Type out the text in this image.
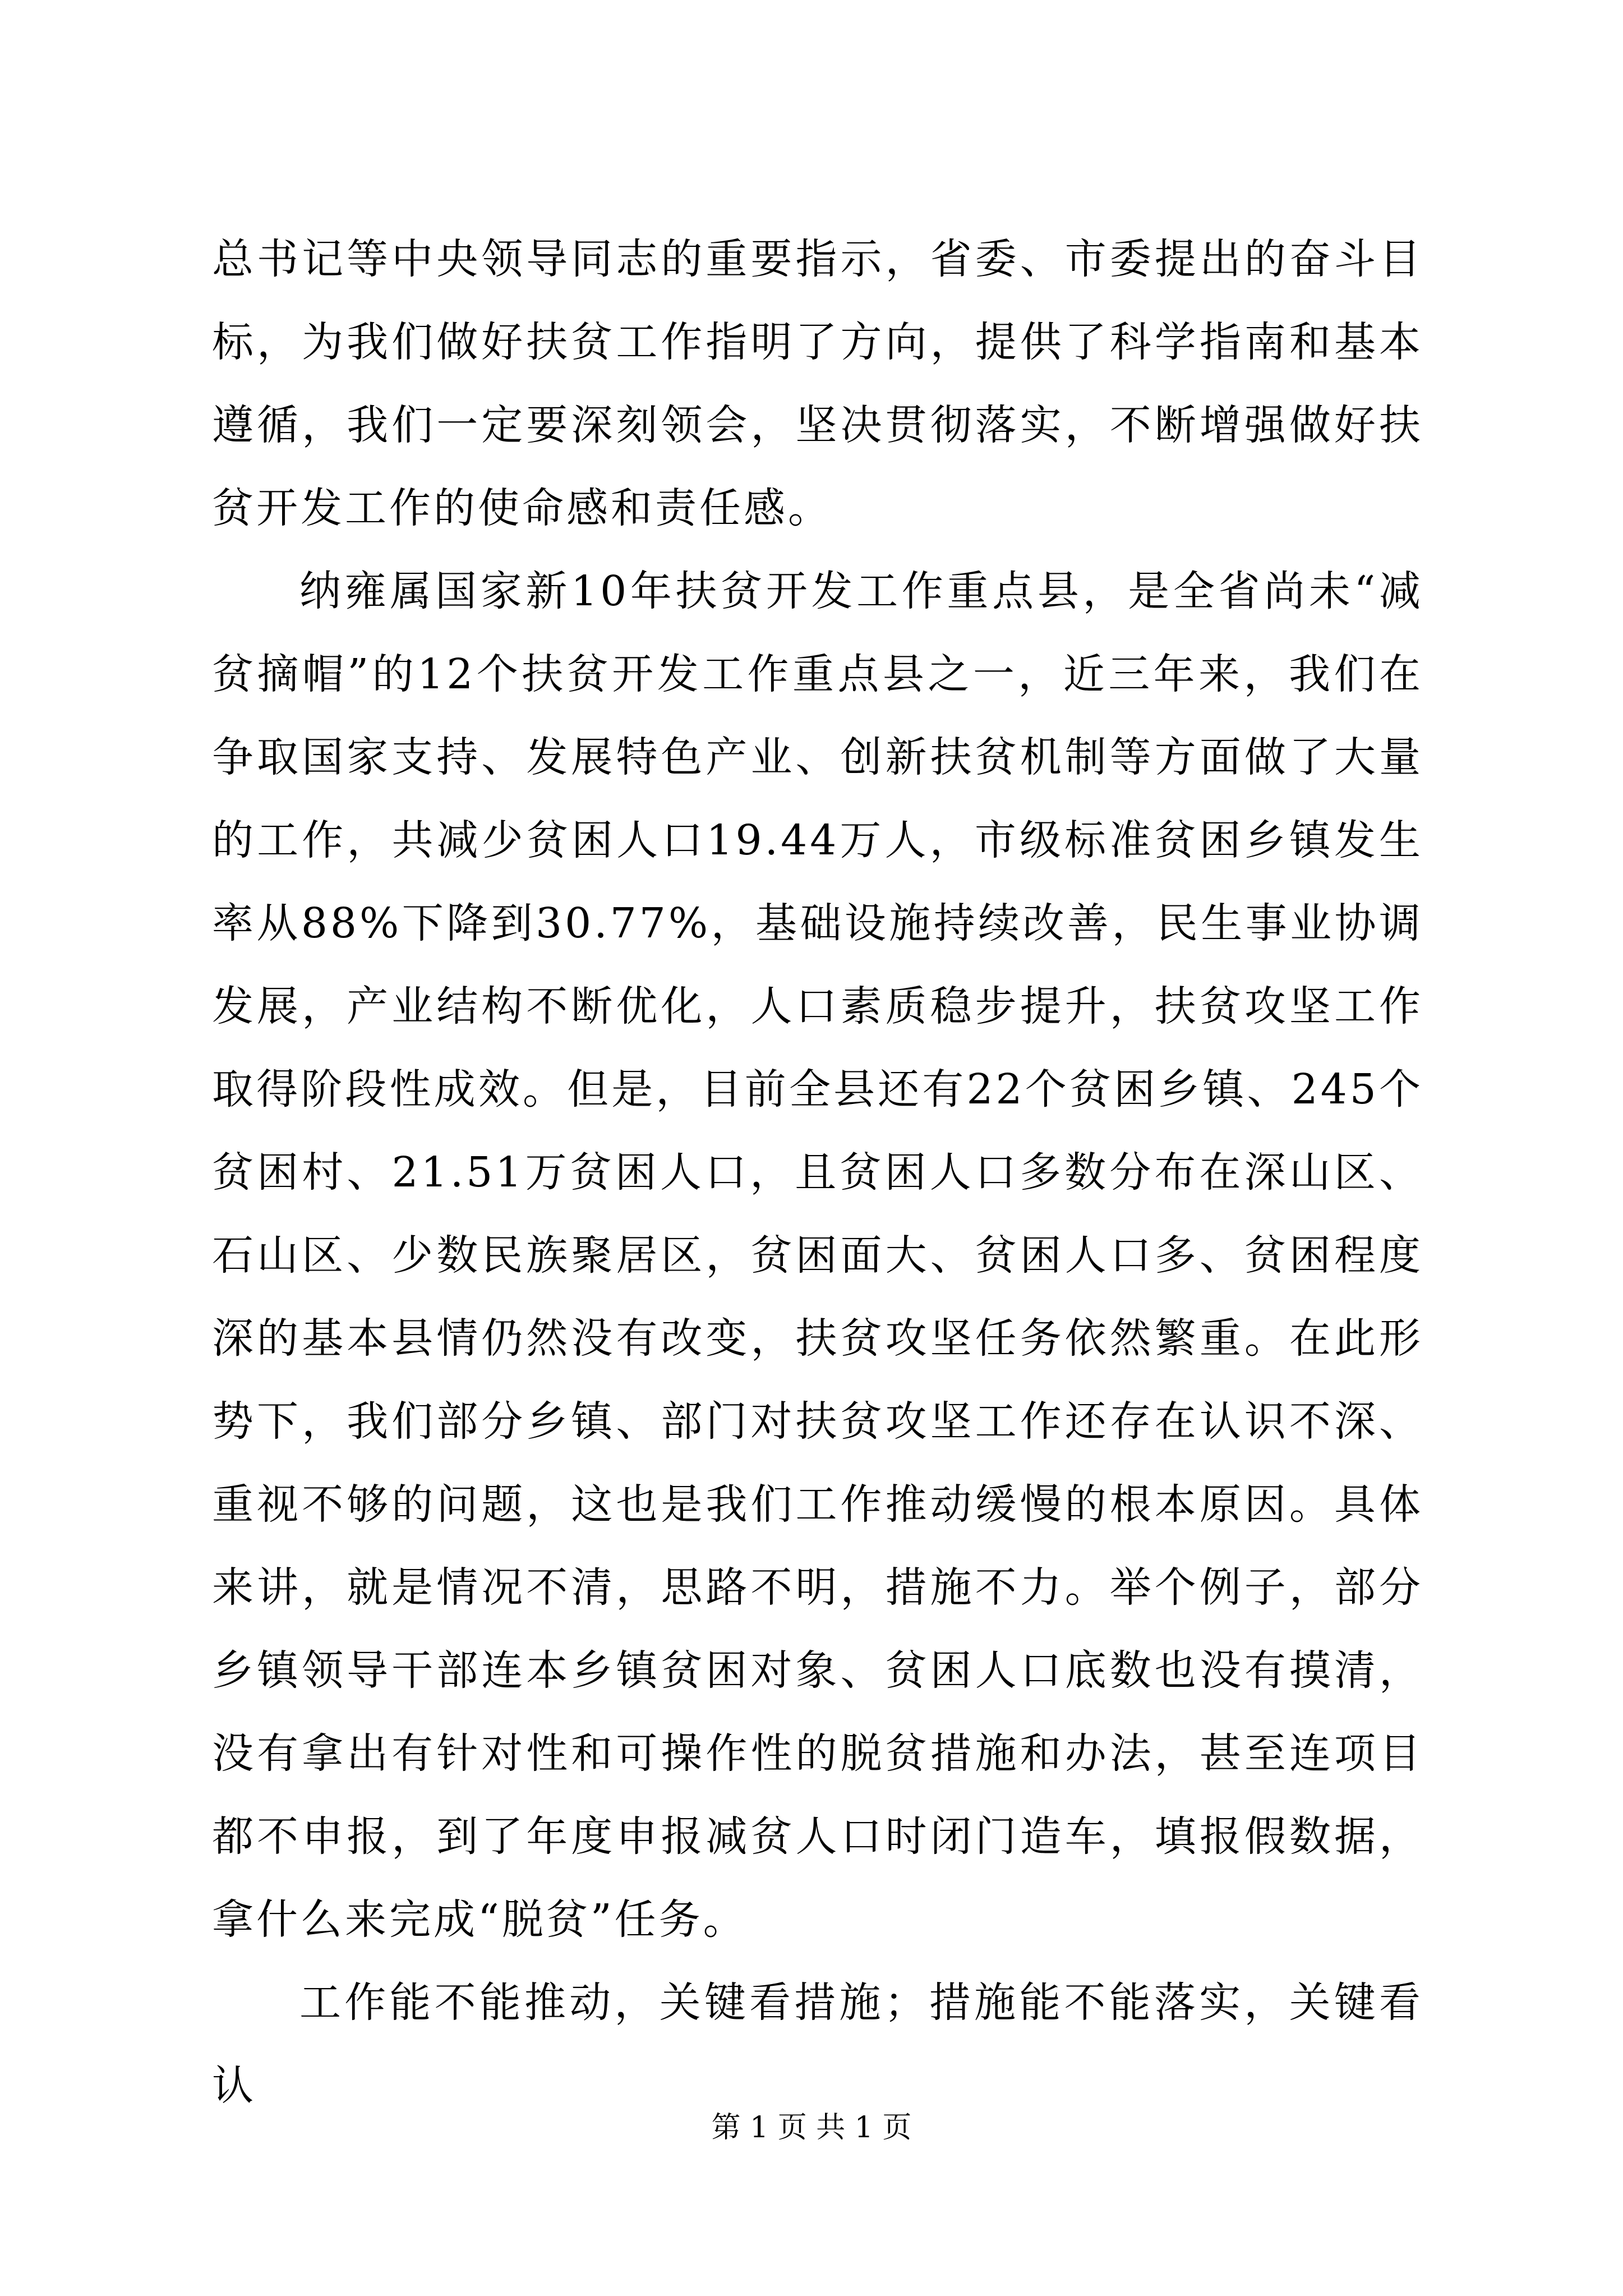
总书记等中央领导同志的重要指示，省委、市委提出的奋斗目标，为我们做好扶贫工作指明了方向，提供了科学指南和基本遵循，我们一定要深刻领会，坚决贯彻落实，不断增强做好扶贫开发工作的使命感和责任感。

纳雍属国家新10年扶贫开发工作重点县，是全省尚未“减贫摘帽”的12个扶贫开发工作重点县之一，近三年来，我们在争取国家支持、发展特色产业、创新扶贫机制等方面做了大量的工作，共减少贫困人口19.44万人，市级标准贫困乡镇发生率从88%下降到30.77%，基础设施持续改善，民生事业协调发展，产业结构不断优化，人口素质稳步提升，扶贫攻坚工作取得阶段性成效。但是，目前全县还有22个贫困乡镇、245个贫困村、21.51万贫困人口，且贫困人口多数分布在深山区、石山区、少数民族聚居区，贫困面大、贫困人口多、贫困程度深的基本县情仍然没有改变，扶贫攻坚任务依然繁重。在此形势下，我们部分乡镇、部门对扶贫攻坚工作还存在认识不深、重视不够的问题，这也是我们工作推动缓慢的根本原因。具体来讲，就是情况不清，思路不明，措施不力。举个例子，部分乡镇领导干部连本乡镇贫困对象、贫困人口底数也没有摸清，没有拿出有针对性和可操作性的脱贫措施和办法，甚至连项目都不申报，到了年度申报减贫人口时闭门造车，填报假数据，拿什么来完成“脱贫”任务。

工作能不能推动，关键看措施；措施能不能落实，关键看认

第 1 页 共 1 页
